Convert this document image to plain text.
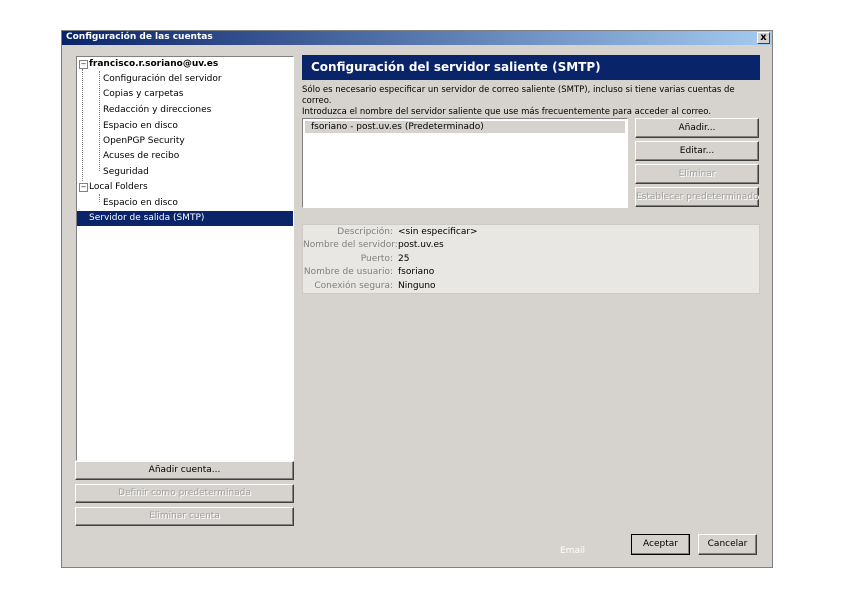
Configuración de las cuentas	x
− francisco.r.soriano@uv.es
Configuración del servidor
Copias y carpetas
Redacción y direcciones
Espacio en disco
OpenPGP Security
Acuses de recibo
Seguridad
− Local Folders
Espacio en disco
Servidor de salida (SMTP)
Añadir cuenta...
Definir como predeterminada
Eliminar cuenta
Configuración del servidor saliente (SMTP)
Sólo es necesario especificar un servidor de correo saliente (SMTP), incluso si tiene varias cuentas de correo.
Introduzca el nombre del servidor saliente que use más frecuentemente para acceder al correo.
fsoriano - post.uv.es (Predeterminado)	Añadir...
Editar...
Eliminar
Establecer predeterminado
Descripción: <sin especificar>
Nombre del servidor: post.uv.es
Puerto: 25
Nombre de usuario: fsoriano
Conexión segura: Ninguno
Email
Aceptar	Cancelar
